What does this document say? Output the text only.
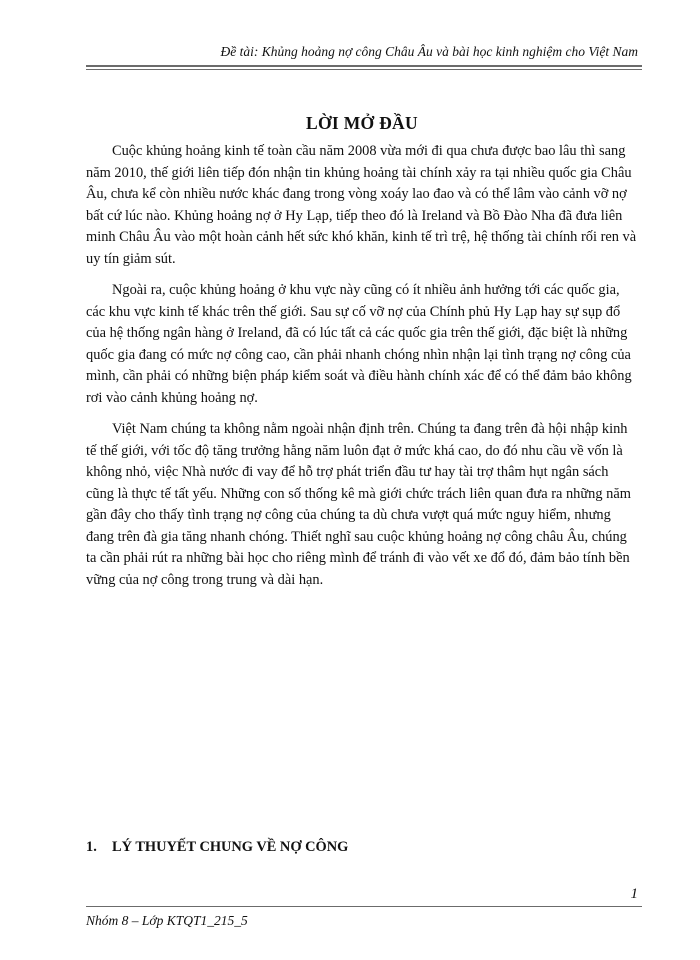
Đề tài: Khủng hoảng nợ công Châu Âu và bài học kinh nghiệm cho Việt Nam
LỜI MỞ ĐẦU

Cuộc khủng hoảng kinh tế toàn cầu năm 2008 vừa mới đi qua chưa được bao lâu thì sang năm 2010, thế giới liên tiếp đón nhận tin khủng hoảng tài chính xảy ra tại nhiều quốc gia Châu Âu, chưa kể còn nhiều nước khác đang trong vòng xoáy lao đao và có thể lâm vào cảnh vỡ nợ bất cứ lúc nào. Khủng hoảng nợ ở Hy Lạp, tiếp theo đó là Ireland và Bồ Đào Nha đã đưa liên minh Châu Âu vào một hoàn cảnh hết sức khó khăn, kinh tế trì trệ, hệ thống tài chính rối ren và uy tín giảm sút.

Ngoài ra, cuộc khủng hoảng ở khu vực này cũng có ít nhiều ảnh hưởng tới các quốc gia, các khu vực kinh tế khác trên thế giới. Sau sự cố vỡ nợ của Chính phủ Hy Lạp hay sự sụp đổ của hệ thống ngân hàng ở Ireland, đã có lúc tất cả các quốc gia trên thế giới, đặc biệt là những quốc gia đang có mức nợ công cao, cần phải nhanh chóng nhìn nhận lại tình trạng nợ công của mình, cần phải có những biện pháp kiểm soát và điều hành chính xác để có thể đảm bảo không rơi vào cảnh khủng hoảng nợ.

Việt Nam chúng ta không nằm ngoài nhận định trên. Chúng ta đang trên đà hội nhập kinh tế thế giới, với tốc độ tăng trưởng hằng năm luôn đạt ở mức khá cao, do đó nhu cầu về vốn là không nhỏ, việc Nhà nước đi vay để hỗ trợ phát triển đầu tư hay tài trợ thâm hụt ngân sách cũng là thực tế tất yếu. Những con số thống kê mà giới chức trách liên quan đưa ra những năm gần đây cho thấy tình trạng nợ công của chúng ta dù chưa vượt quá mức nguy hiểm, nhưng đang trên đà gia tăng nhanh chóng. Thiết nghĩ sau cuộc khủng hoảng nợ công châu Âu, chúng ta cần phải rút ra những bài học cho riêng mình để tránh đi vào vết xe đổ đó, đảm bảo tính bền vững của nợ công trong trung và dài hạn.

1. LÝ THUYẾT CHUNG VỀ NỢ CÔNG
1
Nhóm 8 – Lớp KTQT1_215_5
